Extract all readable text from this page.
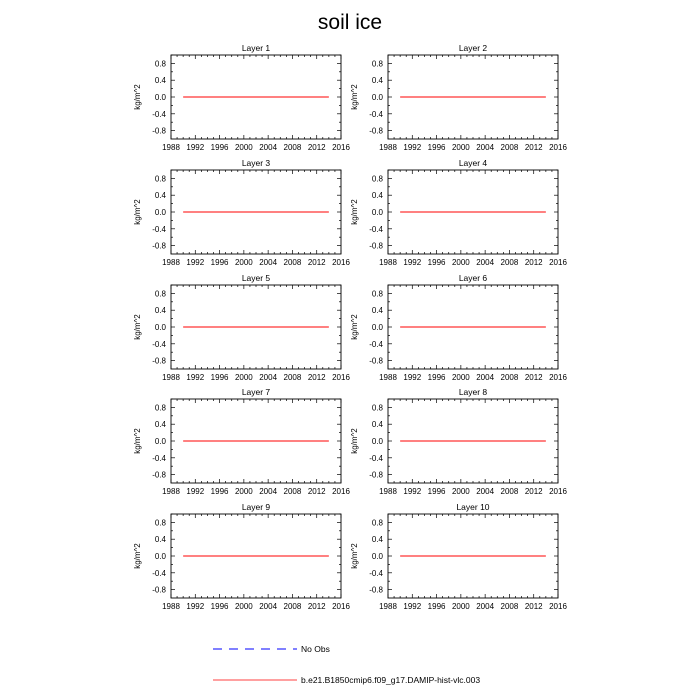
soil ice
Layer 1
1988 1992 1996 2000 2004 2008 2012 2016
-0.8
-0.4
0.0
0.4
0.8
kg/m^2
Layer 2
1988 1992 1996 2000 2004 2008 2012 2016
-0.8
-0.4
0.0
0.4
0.8
kg/m^2
Layer 3
1988 1992 1996 2000 2004 2008 2012 2016
-0.8
-0.4
0.0
0.4
0.8
kg/m^2
Layer 4
1988 1992 1996 2000 2004 2008 2012 2016
-0.8
-0.4
0.0
0.4
0.8
kg/m^2
Layer 5
1988 1992 1996 2000 2004 2008 2012 2016
-0.8
-0.4
0.0
0.4
0.8
kg/m^2
Layer 6
1988 1992 1996 2000 2004 2008 2012 2016
-0.8
-0.4
0.0
0.4
0.8
kg/m^2
Layer 7
1988 1992 1996 2000 2004 2008 2012 2016
-0.8
-0.4
0.0
0.4
0.8
kg/m^2
Layer 8
1988 1992 1996 2000 2004 2008 2012 2016
-0.8
-0.4
0.0
0.4
0.8
kg/m^2
Layer 9
1988 1992 1996 2000 2004 2008 2012 2016
-0.8
-0.4
0.0
0.4
0.8
kg/m^2
Layer 10
1988 1992 1996 2000 2004 2008 2012 2016
-0.8
-0.4
0.0
0.4
0.8
kg/m^2
No Obs
b.e21.B1850cmip6.f09_g17.DAMIP-hist-vlc.003
